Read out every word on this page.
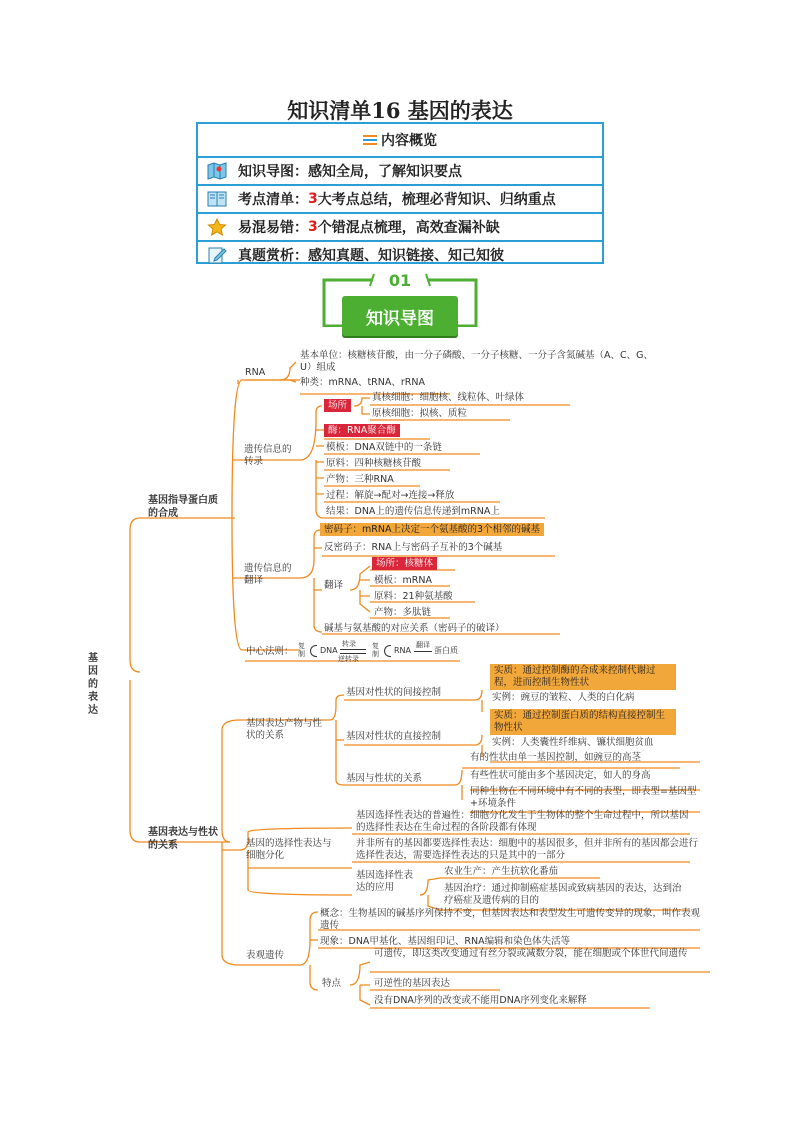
知识清单16 基因的表达
内容概览
知识导图：感知全局，了解知识要点
考点清单： 3 大考点总结，梳理必背知识、归纳重点
易混易错： 3 个错混点梳理，高效查漏补缺
真题赏析：感知真题、知识链接、知己知彼
01
知识导图
基因的表达
基因指导蛋白质的合成
RNA
基本单位：核糖核苷酸，由一分子磷酸、一分子核糖、一分子含氮碱基（A、C、G、U）组成
种类：mRNA、tRNA、rRNA
遗传信息的转录
场所
真核细胞：细胞核、线粒体、叶绿体
原核细胞：拟核、质粒
酶：RNA聚合酶
模板：DNA双链中的一条链
原料：四种核糖核苷酸
产物：三种RNA
过程：解旋→配对→连接→释放
结果：DNA上的遗传信息传递到mRNA上
遗传信息的翻译
密码子：mRNA上决定一个氨基酸的3个相邻的碱基
反密码子：RNA上与密码子互补的3个碱基
翻译
场所：核糖体
模板：mRNA
原料：21种氨基酸
产物：多肽链
碱基与氨基酸的对应关系（密码子的破译）
中心法则： 复制 DNA
转录
逆转录
复制 RNA
翻译
蛋白质
基因表达与性状的关系
基因表达产物与性状的关系
基因对性状的间接控制
实质：通过控制酶的合成来控制代谢过程，进而控制生物性状
实例：豌豆的皱粒、人类的白化病
基因对性状的直接控制
实质：通过控制蛋白质的结构直接控制生物性状
实例：人类囊性纤维病、镰状细胞贫血
基因与性状的关系
有的性状由单一基因控制，如豌豆的高茎
有些性状可能由多个基因决定，如人的身高
同种生物在不同环境中有不同的表型，即表型=基因型+环境条件
基因的选择性表达与细胞分化
基因选择性表达的普遍性：细胞分化发生于生物体的整个生命过程中，所以基因的选择性表达在生命过程的各阶段都有体现
并非所有的基因都要选择性表达：细胞中的基因很多，但并非所有的基因都会进行选择性表达，需要选择性表达的只是其中的一部分
基因选择性表达的应用
农业生产：产生抗软化番茄
基因治疗：通过抑制癌症基因或致病基因的表达，达到治疗癌症及遗传病的目的
表观遗传
概念：生物基因的碱基序列保持不变，但基因表达和表型发生可遗传变异的现象，叫作表观遗传
现象：DNA甲基化、基因组印记、RNA编辑和染色体失活等
特点
可遗传，即这类改变通过有丝分裂或减数分裂，能在细胞或个体世代间遗传
可逆性的基因表达
没有DNA序列的改变或不能用DNA序列变化来解释
